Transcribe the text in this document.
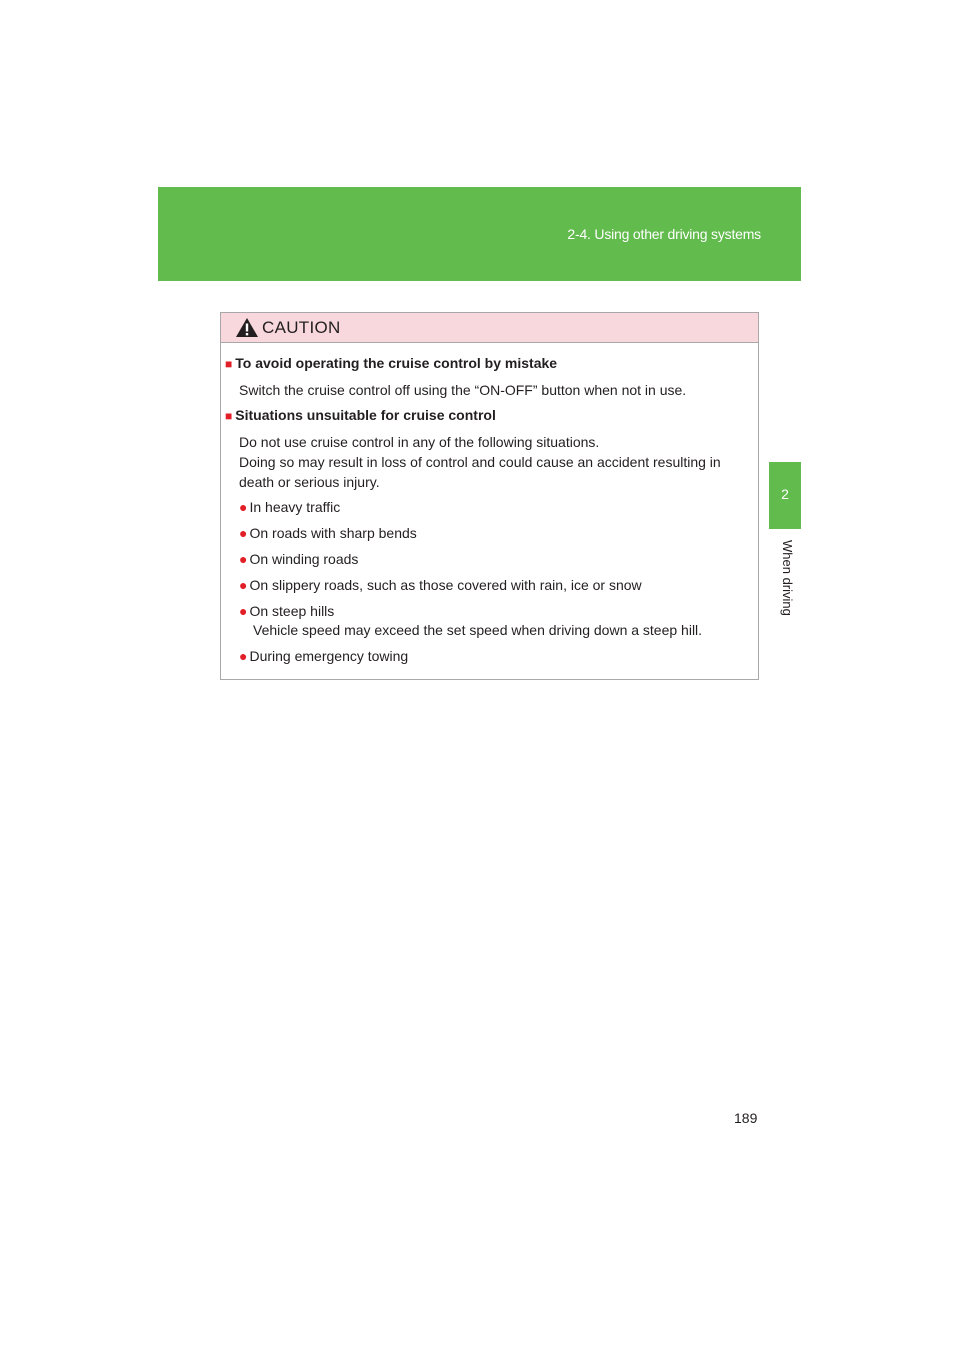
2-4. Using other driving systems
2
When driving
CAUTION
■ To avoid operating the cruise control by mistake
Switch the cruise control off using the “ON-OFF” button when not in use.
■ Situations unsuitable for cruise control
Do not use cruise control in any of the following situations.
Doing so may result in loss of control and could cause an accident resulting in death or serious injury.
● In heavy traffic
● On roads with sharp bends
● On winding roads
● On slippery roads, such as those covered with rain, ice or snow
● On steep hills
Vehicle speed may exceed the set speed when driving down a steep hill.
● During emergency towing
189
